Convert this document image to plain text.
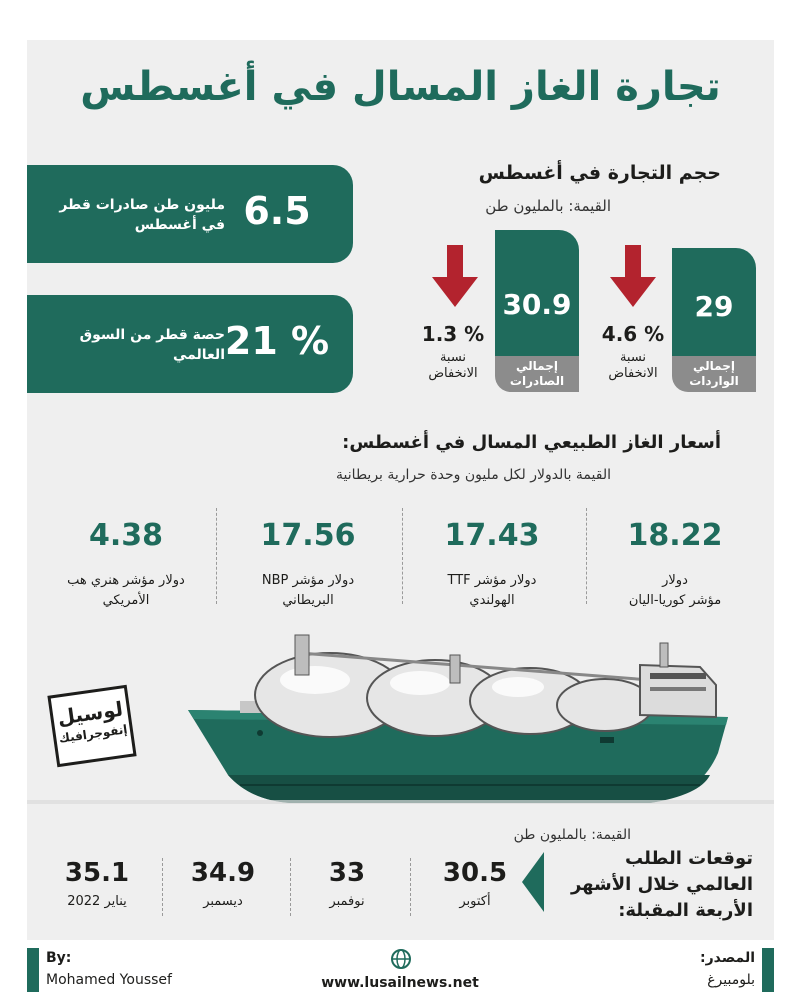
تجارة الغاز المسال في أغسطس
6.5
مليون طن صادرات قطر في أغسطس
21 %
حصة قطر من السوق العالمي
حجم التجارة في أغسطس
القيمة: بالمليون طن
29
إجمالي الواردات
4.6 %
نسبة الانخفاض
30.9
إجمالي الصادرات
1.3 %
نسبة الانخفاض
أسعار الغاز الطبيعي المسال في أغسطس:
القيمة بالدولار لكل مليون وحدة حرارية بريطانية
18.22
دولار
مؤشر كوريا-اليان
17.43
دولار مؤشر TTF
الهولندي
17.56
دولار مؤشر NBP
البريطاني
4.38
دولار مؤشر هنري هب
الأمريكي
لوسيل
إنفوجرافيك
القيمة: بالمليون طن
توقعات الطلب
العالمي خلال الأشهر
الأربعة المقبلة:
30.5
أكتوبر
33
نوفمبر
34.9
ديسمبر
35.1
يناير 2022
By:
Mohamed Youssef	www.lusailnews.net
المصدر:
بلومبيرغ
